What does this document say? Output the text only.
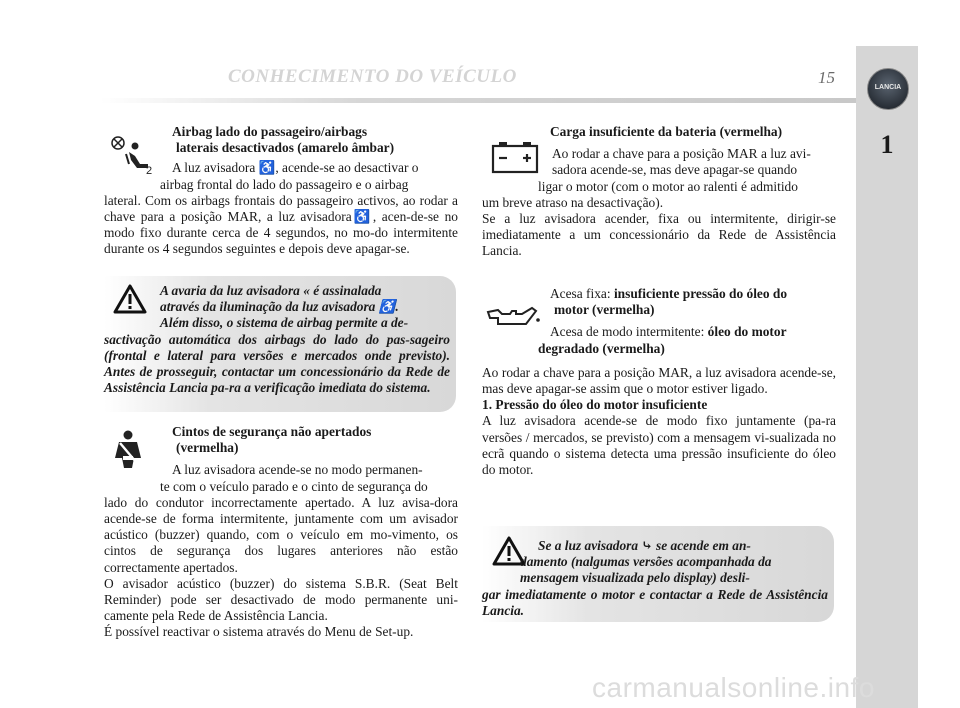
CONHECIMENTO DO VEÍCULO	15
LANCIA
1
2

Airbag lado do passageiro/airbags

laterais desactivados (amarelo âmbar)

A luz avisadora ♿, acende-se ao desactivar o

airbag frontal do lado do passageiro e o airbag

lateral. Com os airbags frontais do passageiro activos, ao rodar a chave para a posição MAR, a luz avisadora♿, acen-de-se no modo fixo durante cerca de 4 segundos, no mo-do intermitente durante os 4 segundos seguintes e depois deve apagar-se.

A avaria da luz avisadora « é assinalada

através da iluminação da luz avisadora ♿.

Além disso, o sistema de airbag permite a de-

sactivação automática dos airbags do lado do pas-sageiro (frontal e lateral para versões e mercados onde previsto). Antes de prosseguir, contactar um concessionário da Rede de Assistência Lancia pa-ra a verificação imediata do sistema.

Cintos de segurança não apertados

(vermelha)

A luz avisadora acende-se no modo permanen-

te com o veículo parado e o cinto de segurança do

lado do condutor incorrectamente apertado. A luz avisa-dora acende-se de forma intermitente, juntamente com um avisador acústico (buzzer) quando, com o veículo em mo-vimento, os cintos de segurança dos lugares anteriores não estão correctamente apertados.

O avisador acústico (buzzer) do sistema S.B.R. (Seat Belt Reminder) pode ser desactivado de modo permanente uni-camente pela Rede de Assistência Lancia.

É possível reactivar o sistema através do Menu de Set-up.

Carga insuficiente da bateria (vermelha)

Ao rodar a chave para a posição MAR a luz avi-

sadora acende-se, mas deve apagar-se quando

ligar o motor (com o motor ao ralenti é admitido

um breve atraso na desactivação).

Se a luz avisadora acender, fixa ou intermitente, dirigir-se imediatamente a um concessionário da Rede de Assistência Lancia.

Acesa fixa: insuficiente pressão do óleo do

motor (vermelha)

Acesa de modo intermitente: óleo do motor

degradado (vermelha)

Ao rodar a chave para a posição MAR, a luz avisadora acende-se, mas deve apagar-se assim que o motor estiver ligado.

1. Pressão do óleo do motor insuficiente

A luz avisadora acende-se de modo fixo juntamente (pa-ra versões / mercados, se previsto) com a mensagem vi-sualizada no ecrã quando o sistema detecta uma pressão insuficiente do óleo do motor.

Se a luz avisadora ⤷ se acende em an-

damento (nalgumas versões acompanhada da

mensagem visualizada pelo display) desli-

gar imediatamente o motor e contactar a Rede de Assistência Lancia.

carmanualsonline.info
